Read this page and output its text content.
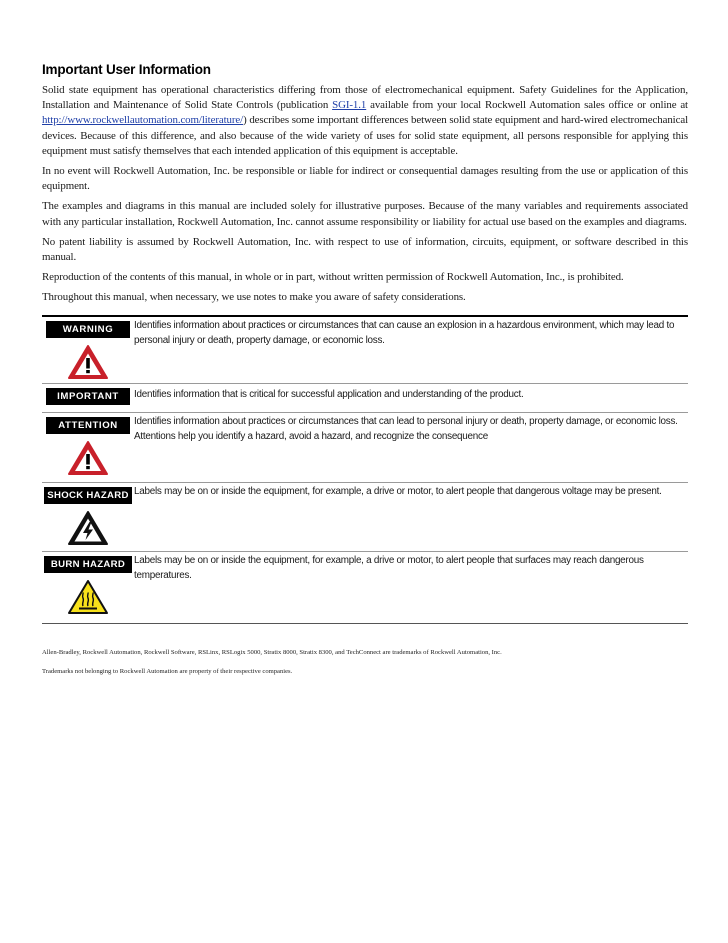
Important User Information

Solid state equipment has operational characteristics differing from those of electromechanical equipment. Safety Guidelines for the Application, Installation and Maintenance of Solid State Controls (publication SGI-1.1 available from your local Rockwell Automation sales office or online at http://www.rockwellautomation.com/literature/) describes some important differences between solid state equipment and hard-wired electromechanical devices. Because of this difference, and also because of the wide variety of uses for solid state equipment, all persons responsible for applying this equipment must satisfy themselves that each intended application of this equipment is acceptable.

In no event will Rockwell Automation, Inc. be responsible or liable for indirect or consequential damages resulting from the use or application of this equipment.

The examples and diagrams in this manual are included solely for illustrative purposes. Because of the many variables and requirements associated with any particular installation, Rockwell Automation, Inc. cannot assume responsibility or liability for actual use based on the examples and diagrams.

No patent liability is assumed by Rockwell Automation, Inc. with respect to use of information, circuits, equipment, or software described in this manual.

Reproduction of the contents of this manual, in whole or in part, without written permission of Rockwell Automation, Inc., is prohibited.

Throughout this manual, when necessary, we use notes to make you aware of safety considerations.

WARNING	Identifies information about practices or circumstances that can cause an explosion in a hazardous environment, which may lead to personal injury or death, property damage, or economic loss.
IMPORTANT	Identifies information that is critical for successful application and understanding of the product.
ATTENTION	Identifies information about practices or circumstances that can lead to personal injury or death, property damage, or economic loss. Attentions help you identify a hazard, avoid a hazard, and recognize the consequence
SHOCK HAZARD Labels may be on or inside the equipment, for example, a drive or motor, to alert people that dangerous voltage may be present.
BURN HAZARD Labels may be on or inside the equipment, for example, a drive or motor, to alert people that surfaces may reach dangerous temperatures.

Allen-Bradley, Rockwell Automation, Rockwell Software, RSLinx, RSLogix 5000, Stratix 8000, Stratix 8300, and TechConnect are trademarks of Rockwell Automation, Inc.

Trademarks not belonging to Rockwell Automation are property of their respective companies.
